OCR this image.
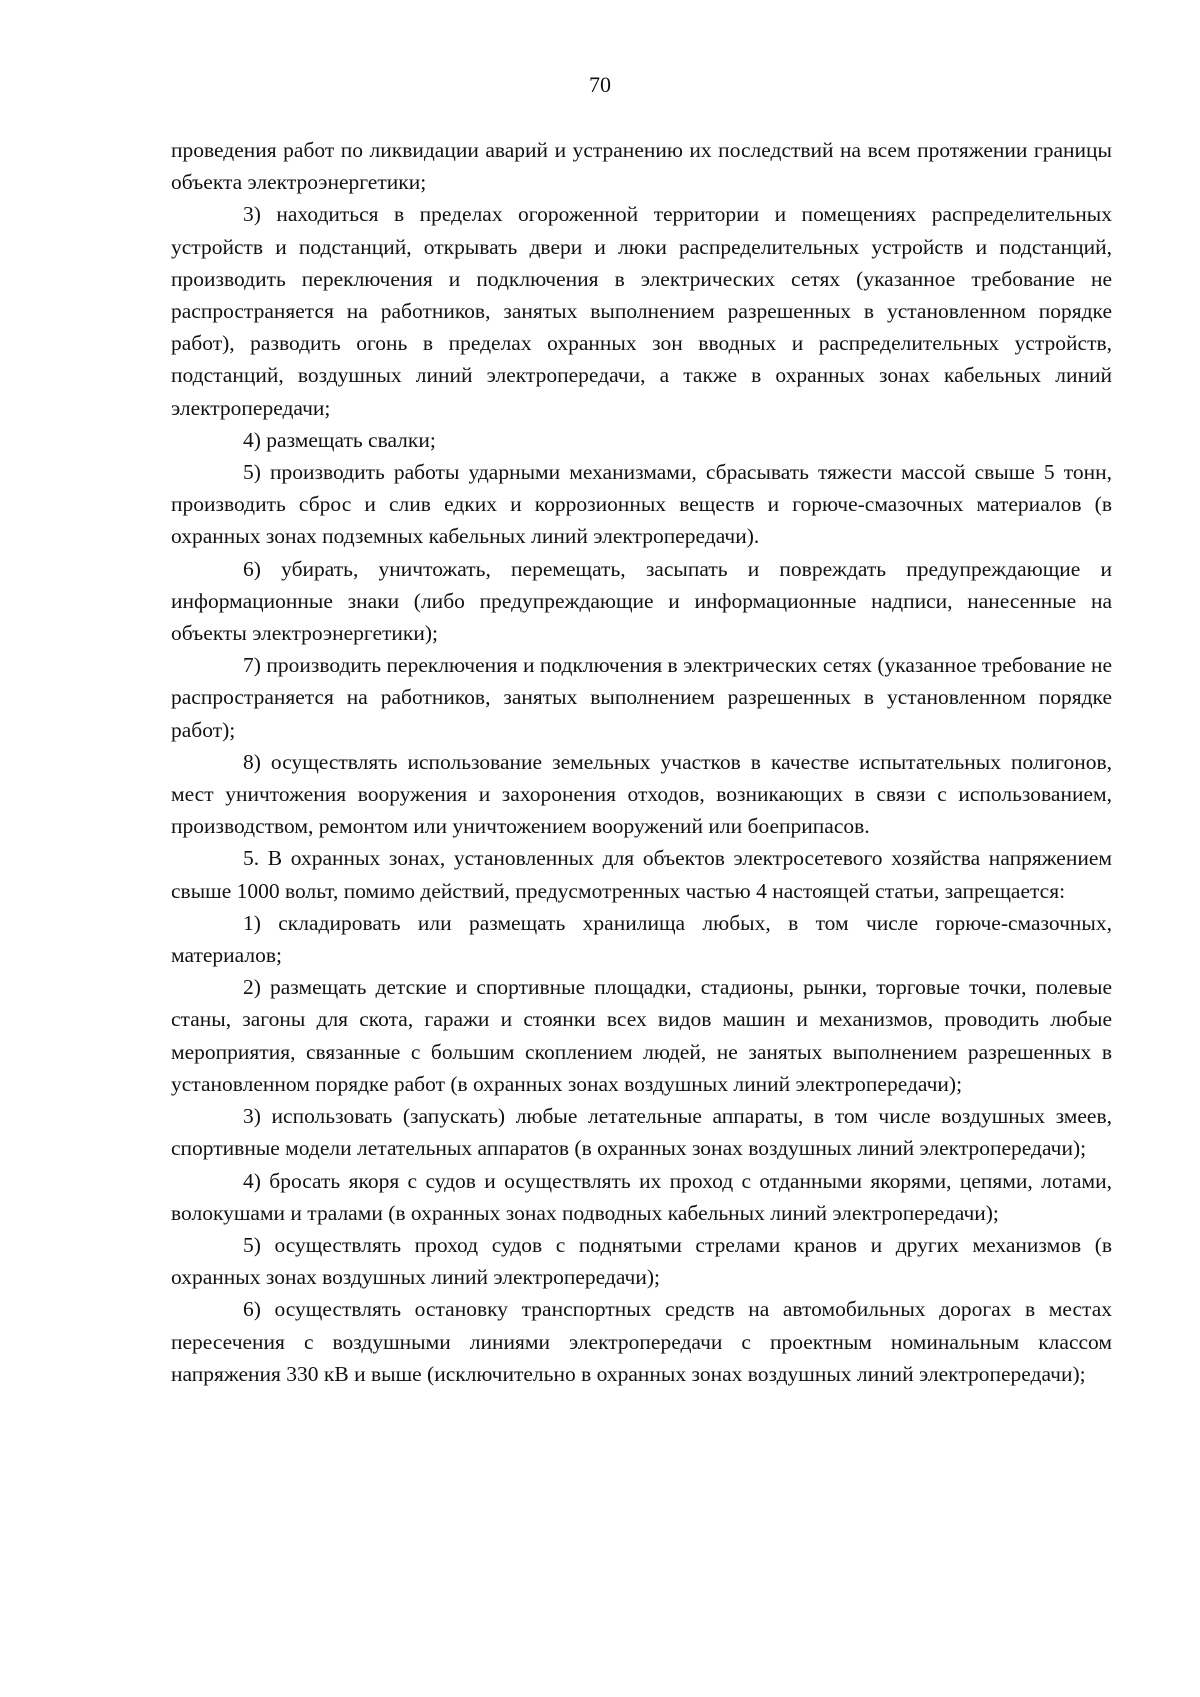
70

проведения работ по ликвидации аварий и устранению их последствий на всем протяжении границы объекта электроэнергетики;

3) находиться в пределах огороженной территории и помещениях распределительных устройств и подстанций, открывать двери и люки распределительных устройств и подстанций, производить переключения и подключения в электрических сетях (указанное требование не распространяется на работников, занятых выполнением разрешенных в установленном порядке работ), разводить огонь в пределах охранных зон вводных и распределительных устройств, подстанций, воздушных линий электропередачи, а также в охранных зонах кабельных линий электропередачи;

4) размещать свалки;

5) производить работы ударными механизмами, сбрасывать тяжести массой свыше 5 тонн, производить сброс и слив едких и коррозионных веществ и горюче-смазочных материалов (в охранных зонах подземных кабельных линий электропередачи).

6) убирать, уничтожать, перемещать, засыпать и повреждать предупреждающие и информационные знаки (либо предупреждающие и информационные надписи, нанесенные на объекты электроэнергетики);

7) производить переключения и подключения в электрических сетях (указанное требование не распространяется на работников, занятых выполнением разрешенных в установленном порядке работ);

8) осуществлять использование земельных участков в качестве испытательных полигонов, мест уничтожения вооружения и захоронения отходов, возникающих в связи с использованием, производством, ремонтом или уничтожением вооружений или боеприпасов.

5. В охранных зонах, установленных для объектов электросетевого хозяйства напряжением свыше 1000 вольт, помимо действий, предусмотренных частью 4 настоящей статьи, запрещается:

1) складировать или размещать хранилища любых, в том числе горюче-смазочных, материалов;

2) размещать детские и спортивные площадки, стадионы, рынки, торговые точки, полевые станы, загоны для скота, гаражи и стоянки всех видов машин и механизмов, проводить любые мероприятия, связанные с большим скоплением людей, не занятых выполнением разрешенных в установленном порядке работ (в охранных зонах воздушных линий электропередачи);

3) использовать (запускать) любые летательные аппараты, в том числе воздушных змеев, спортивные модели летательных аппаратов (в охранных зонах воздушных линий электропередачи);

4) бросать якоря с судов и осуществлять их проход с отданными якорями, цепями, лотами, волокушами и тралами (в охранных зонах подводных кабельных линий электропередачи);

5) осуществлять проход судов с поднятыми стрелами кранов и других механизмов (в охранных зонах воздушных линий электропередачи);

6) осуществлять остановку транспортных средств на автомобильных дорогах в местах пересечения с воздушными линиями электропередачи с проектным номинальным классом напряжения 330 кВ и выше (исключительно в охранных зонах воздушных линий электропередачи);
